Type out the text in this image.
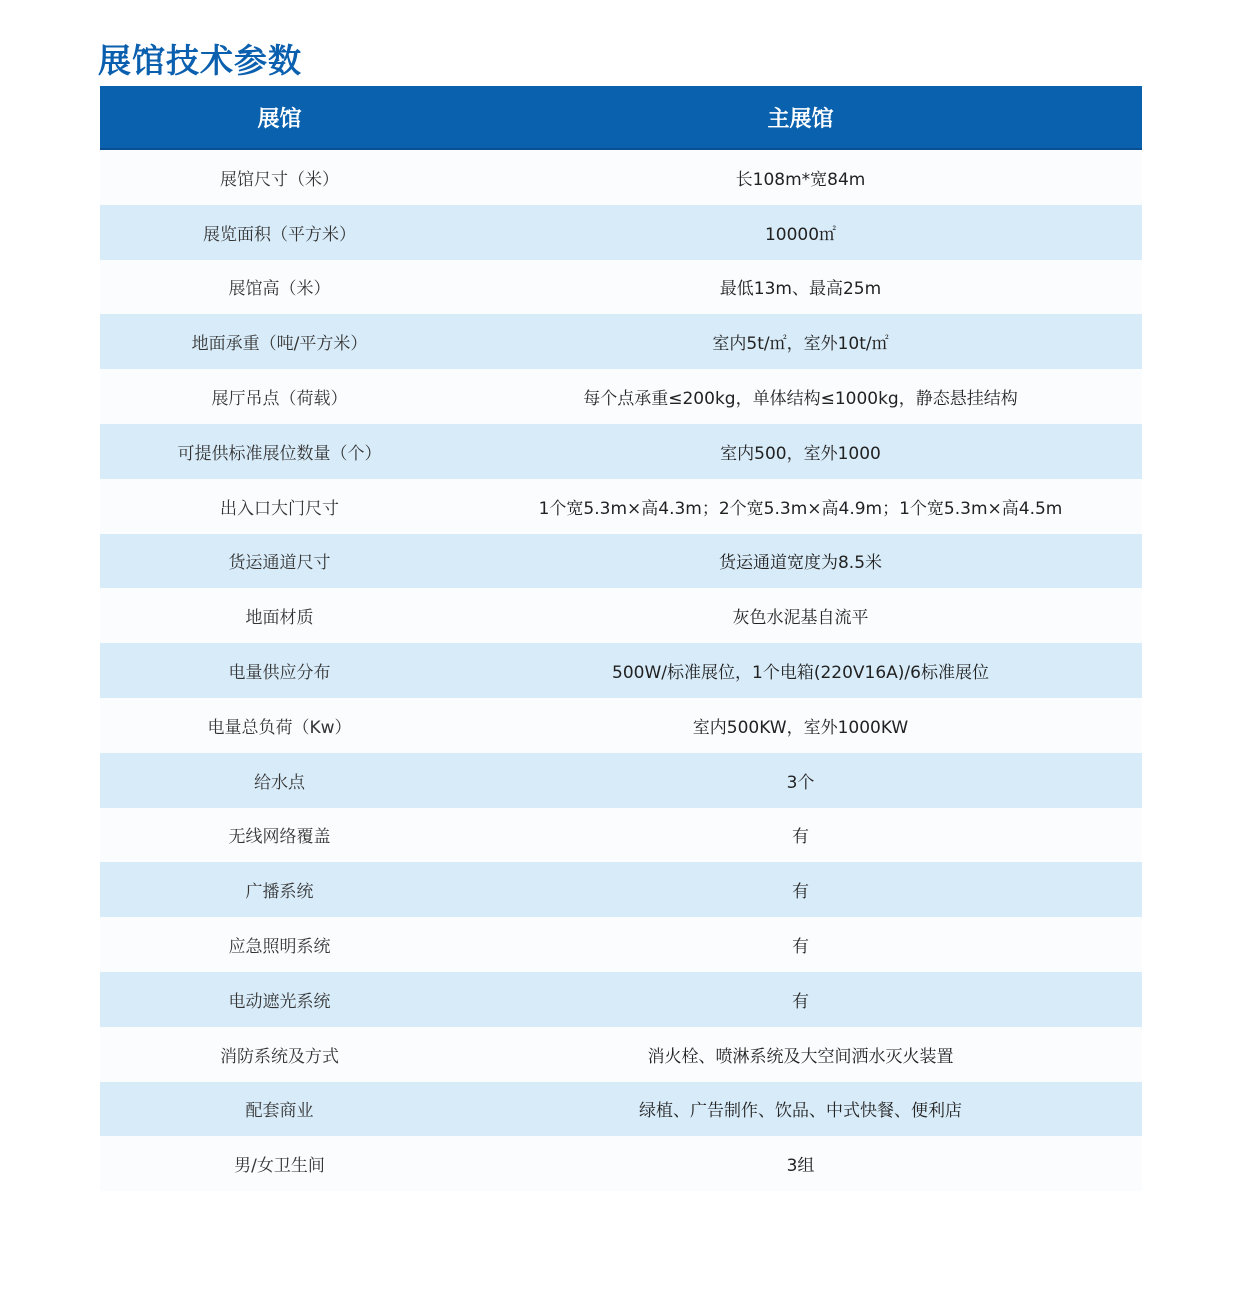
展馆技术参数
展馆	主展馆
展馆尺寸（米）	长108m*宽84m
展览面积（平方米）	10000㎡
展馆高（米）	最低13m、最高25m
地面承重（吨/平方米）	室内5t/㎡，室外10t/㎡
展厅吊点（荷载）	每个点承重≤200kg，单体结构≤1000kg，静态悬挂结构
可提供标准展位数量（个）	室内500，室外1000
出入口大门尺寸	1个宽5.3m×高4.3m；2个宽5.3m×高4.9m；1个宽5.3m×高4.5m
货运通道尺寸	货运通道宽度为8.5米
地面材质	灰色水泥基自流平
电量供应分布	500W/标准展位，1个电箱(220V16A)/6标准展位
电量总负荷（Kw）	室内500KW，室外1000KW
给水点	3个
无线网络覆盖	有
广播系统	有
应急照明系统	有
电动遮光系统	有
消防系统及方式	消火栓、喷淋系统及大空间洒水灭火装置
配套商业	绿植、广告制作、饮品、中式快餐、便利店
男/女卫生间	3组
